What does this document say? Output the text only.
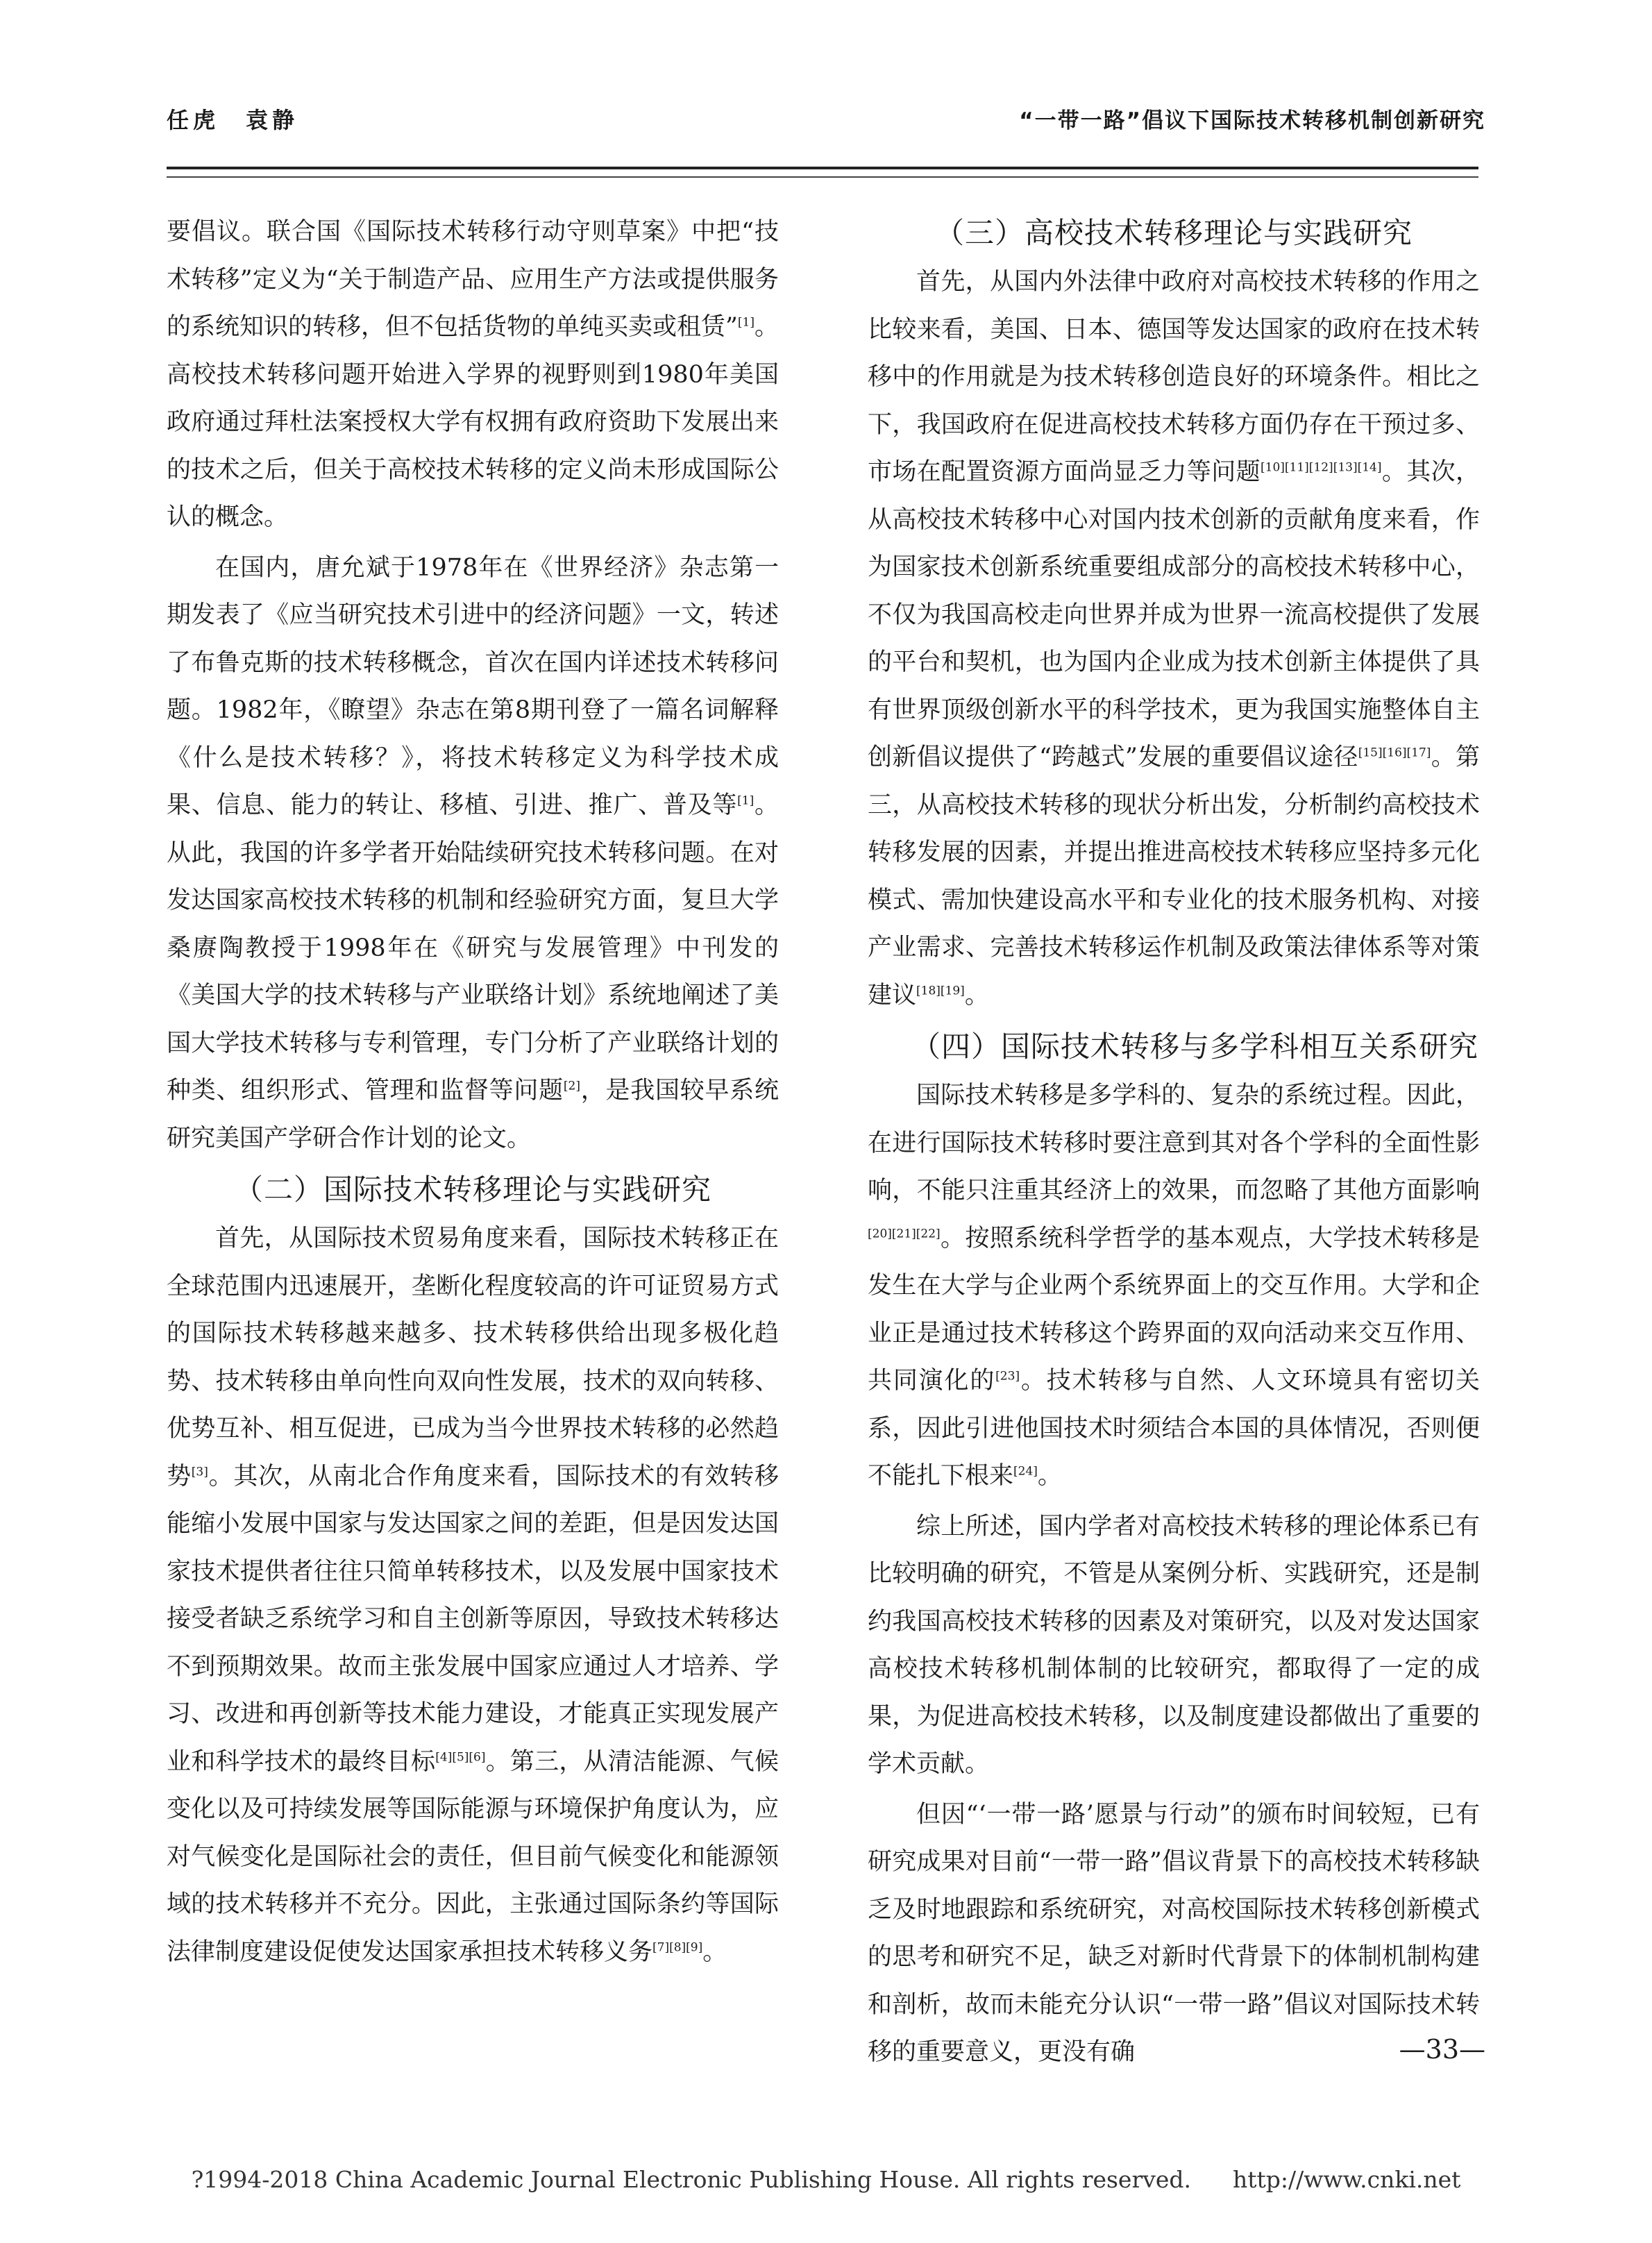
任虎　袁静	“一带一路”倡议下国际技术转移机制创新研究

要倡议。联合国《国际技术转移行动守则草案》中把“技术转移”定义为“关于制造产品、应用生产方法或提供服务的系统知识的转移，但不包括货物的单纯买卖或租赁”[1]。高校技术转移问题开始进入学界的视野则到1980年美国政府通过拜杜法案授权大学有权拥有政府资助下发展出来的技术之后，但关于高校技术转移的定义尚未形成国际公认的概念。

在国内，唐允斌于1978年在《世界经济》杂志第一期发表了《应当研究技术引进中的经济问题》一文，转述了布鲁克斯的技术转移概念，首次在国内详述技术转移问题。1982年，《瞭望》杂志在第8期刊登了一篇名词解释《什么是技术转移？》，将技术转移定义为科学技术成果、信息、能力的转让、移植、引进、推广、普及等[1]。从此，我国的许多学者开始陆续研究技术转移问题。在对发达国家高校技术转移的机制和经验研究方面，复旦大学桑赓陶教授于1998年在《研究与发展管理》中刊发的《美国大学的技术转移与产业联络计划》系统地阐述了美国大学技术转移与专利管理，专门分析了产业联络计划的种类、组织形式、管理和监督等问题[2]，是我国较早系统研究美国产学研合作计划的论文。

（二）国际技术转移理论与实践研究

首先，从国际技术贸易角度来看，国际技术转移正在全球范围内迅速展开，垄断化程度较高的许可证贸易方式的国际技术转移越来越多、技术转移供给出现多极化趋势、技术转移由单向性向双向性发展，技术的双向转移、优势互补、相互促进，已成为当今世界技术转移的必然趋势[3]。其次，从南北合作角度来看，国际技术的有效转移能缩小发展中国家与发达国家之间的差距，但是因发达国家技术提供者往往只简单转移技术，以及发展中国家技术接受者缺乏系统学习和自主创新等原因，导致技术转移达不到预期效果。故而主张发展中国家应通过人才培养、学习、改进和再创新等技术能力建设，才能真正实现发展产业和科学技术的最终目标[4][5][6]。第三，从清洁能源、气候变化以及可持续发展等国际能源与环境保护角度认为，应对气候变化是国际社会的责任，但目前气候变化和能源领域的技术转移并不充分。因此，主张通过国际条约等国际法律制度建设促使发达国家承担技术转移义务[7][8][9]。

（三）高校技术转移理论与实践研究

首先，从国内外法律中政府对高校技术转移的作用之比较来看，美国、日本、德国等发达国家的政府在技术转移中的作用就是为技术转移创造良好的环境条件。相比之下，我国政府在促进高校技术转移方面仍存在干预过多、市场在配置资源方面尚显乏力等问题[10][11][12][13][14]。其次，从高校技术转移中心对国内技术创新的贡献角度来看，作为国家技术创新系统重要组成部分的高校技术转移中心，不仅为我国高校走向世界并成为世界一流高校提供了发展的平台和契机，也为国内企业成为技术创新主体提供了具有世界顶级创新水平的科学技术，更为我国实施整体自主创新倡议提供了“跨越式”发展的重要倡议途径[15][16][17]。第三，从高校技术转移的现状分析出发，分析制约高校技术转移发展的因素，并提出推进高校技术转移应坚持多元化模式、需加快建设高水平和专业化的技术服务机构、对接产业需求、完善技术转移运作机制及政策法律体系等对策建议[18][19]。

（四）国际技术转移与多学科相互关系研究

国际技术转移是多学科的、复杂的系统过程。因此，在进行国际技术转移时要注意到其对各个学科的全面性影响，不能只注重其经济上的效果，而忽略了其他方面影响[20][21][22]。按照系统科学哲学的基本观点，大学技术转移是发生在大学与企业两个系统界面上的交互作用。大学和企业正是通过技术转移这个跨界面的双向活动来交互作用、共同演化的[23]。技术转移与自然、人文环境具有密切关系，因此引进他国技术时须结合本国的具体情况，否则便不能扎下根来[24]。

综上所述，国内学者对高校技术转移的理论体系已有比较明确的研究，不管是从案例分析、实践研究，还是制约我国高校技术转移的因素及对策研究，以及对发达国家高校技术转移机制体制的比较研究，都取得了一定的成果，为促进高校技术转移，以及制度建设都做出了重要的学术贡献。

但因“‘一带一路’愿景与行动”的颁布时间较短，已有研究成果对目前“一带一路”倡议背景下的高校技术转移缺乏及时地跟踪和系统研究，对高校国际技术转移创新模式的思考和研究不足，缺乏对新时代背景下的体制机制构建和剖析，故而未能充分认识“一带一路”倡议对国际技术转移的重要意义，更没有确	—33—
?1994-2018 China Academic Journal Electronic Publishing House. All rights reserved. http://www.cnki.net
